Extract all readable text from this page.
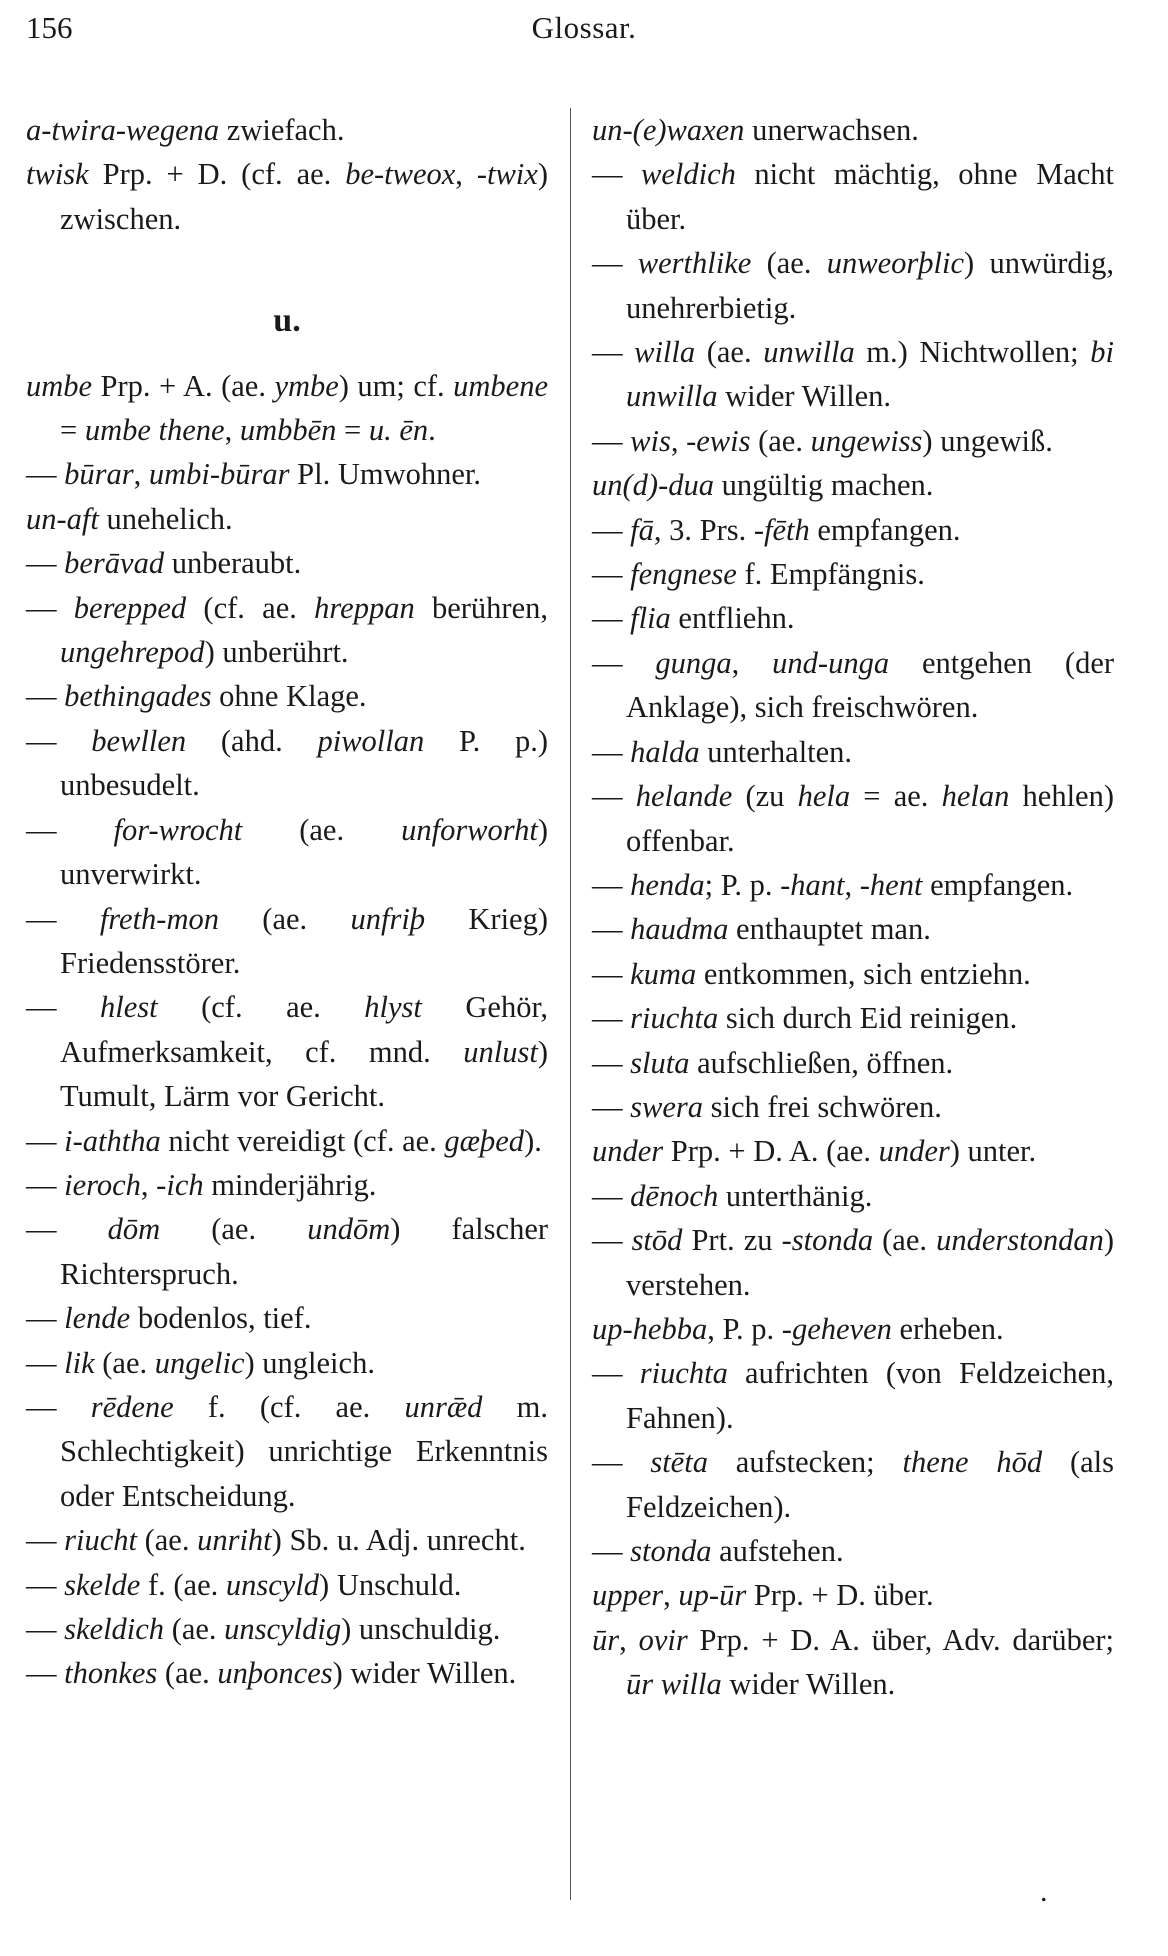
156	Glossar.

a-twira-wegena zwiefach.

twisk Prp. + D. (cf. ae. be-tweox, -twix) zwischen.

u.

umbe Prp. + A. (ae. ymbe) um; cf. umbene = umbe thene, umbbēn = u. ēn.

— būrar, umbi-būrar Pl. Umwohner.

un-aft unehelich.

— berāvad unberaubt.

— berepped (cf. ae. hreppan berühren, ungehrepod) unberührt.

— bethingades ohne Klage.

— bewllen (ahd. piwollan P. p.) unbesudelt.

— for-wrocht (ae. unforworht) unverwirkt.

— freth-mon (ae. unfriþ Krieg) Friedensstörer.

— hlest (cf. ae. hlyst Gehör, Aufmerksamkeit, cf. mnd. unlust) Tumult, Lärm vor Gericht.

— i-aththa nicht vereidigt (cf. ae. gæþed).

— ieroch, -ich minderjährig.

— dōm (ae. undōm) falscher Richterspruch.

— lende bodenlos, tief.

— lik (ae. ungelic) ungleich.

— rēdene f. (cf. ae. unrǣd m. Schlechtigkeit) unrichtige Erkenntnis oder Entscheidung.

— riucht (ae. unriht) Sb. u. Adj. unrecht.

— skelde f. (ae. unscyld) Unschuld.

— skeldich (ae. unscyldig) unschuldig.

— thonkes (ae. unþonces) wider Willen.

un-(e)waxen unerwachsen.

— weldich nicht mächtig, ohne Macht über.

— werthlike (ae. unweorþlic) unwürdig, unehrerbietig.

— willa (ae. unwilla m.) Nichtwollen; bi unwilla wider Willen.

— wis, -ewis (ae. ungewiss) ungewiß.

un(d)-dua ungültig machen.

— fā, 3. Prs. -fēth empfangen.

— fengnese f. Empfängnis.

— flia entfliehn.

— gunga, und-unga entgehen (der Anklage), sich freischwören.

— halda unterhalten.

— helande (zu hela = ae. helan hehlen) offenbar.

— henda; P. p. -hant, -hent empfangen.

— haudma enthauptet man.

— kuma entkommen, sich entziehn.

— riuchta sich durch Eid reinigen.

— sluta aufschließen, öffnen.

— swera sich frei schwören.

under Prp. + D. A. (ae. under) unter.

— dēnoch unterthänig.

— stōd Prt. zu -stonda (ae. understondan) verstehen.

up-hebba, P. p. -geheven erheben.

— riuchta aufrichten (von Feldzeichen, Fahnen).

— stēta aufstecken; thene hōd (als Feldzeichen).

— stonda aufstehen.

upper, up-ūr Prp. + D. über.

ūr, ovir Prp. + D. A. über, Adv. darüber; ūr willa wider Willen.

.
